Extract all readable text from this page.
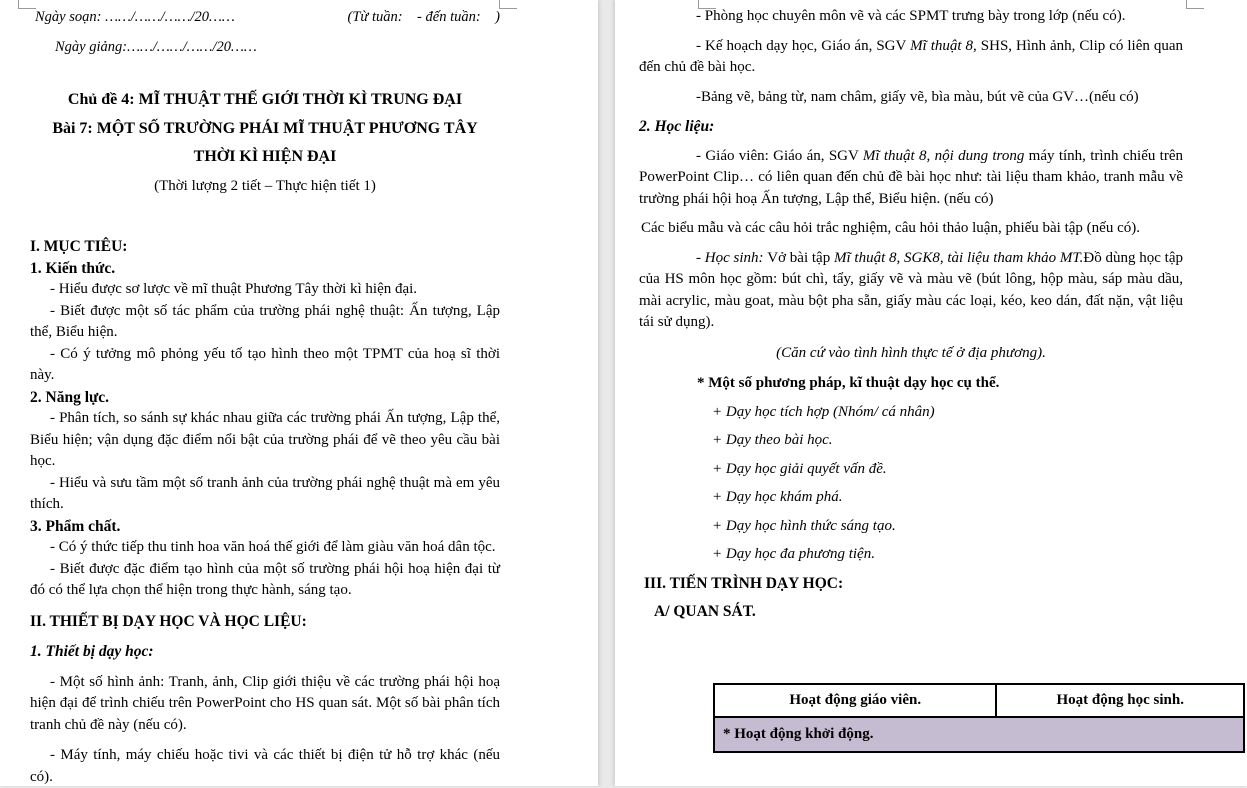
Ngày soạn: ……/……/……/20……	(Từ tuần:    - đến tuần:    )
Ngày giảng:……/……/……/20……
Chủ đề 4: MĨ THUẬT THẾ GIỚI THỜI KÌ TRUNG ĐẠI
Bài 7: MỘT SỐ TRƯỜNG PHÁI MĨ THUẬT PHƯƠNG TÂY
THỜI KÌ HIỆN ĐẠI
(Thời lượng 2 tiết – Thực hiện tiết 1)
I. MỤC TIÊU:
1. Kiến thức.
- Hiểu được sơ lược về mĩ thuật Phương Tây thời kì hiện đại.
- Biết được một số tác phẩm của trường phái nghệ thuật: Ấn tượng, Lập thể, Biểu hiện.
- Có ý tưởng mô phỏng yếu tố tạo hình theo một TPMT của hoạ sĩ thời này.
2. Năng lực.
- Phân tích, so sánh sự khác nhau giữa các trường phái Ấn tượng, Lập thể, Biểu hiện; vận dụng đặc điểm nổi bật của trường phái để vẽ theo yêu cầu bài học.
- Hiểu và sưu tầm một số tranh ảnh của trường phái nghệ thuật mà em yêu thích.
3. Phẩm chất.
- Có ý thức tiếp thu tinh hoa văn hoá thế giới để làm giàu văn hoá dân tộc.
- Biết được đặc điểm tạo hình của một số trường phái hội hoạ hiện đại từ đó có thể lựa chọn thể hiện trong thực hành, sáng tạo.
II. THIẾT BỊ DẠY HỌC VÀ HỌC LIỆU:
1. Thiết bị dạy học:
- Một số hình ảnh: Tranh, ảnh, Clip giới thiệu về các trường phái hội hoạ hiện đại để trình chiếu trên PowerPoint cho HS quan sát. Một số bài phân tích tranh chủ đề này (nếu có).
- Máy tính, máy chiếu hoặc tivi và các thiết bị điện tử hỗ trợ khác (nếu có).
- Phòng học chuyên môn vẽ và các SPMT trưng bày trong lớp (nếu có).
- Kế hoạch dạy học, Giáo án, SGV Mĩ thuật 8, SHS, Hình ảnh, Clip có liên quan đến chủ đề bài học.
-Bảng vẽ, bảng từ, nam châm, giấy vẽ, bìa màu, bút vẽ của GV…(nếu có)
2. Học liệu:
- Giáo viên: Giáo án, SGV Mĩ thuật 8, nội dung trong máy tính, trình chiếu trên PowerPoint Clip… có liên quan đến chủ đề bài học như: tài liệu tham khảo, tranh mẫu về trường phái hội hoạ Ấn tượng, Lập thể, Biểu hiện. (nếu có)
Các biểu mẫu và các câu hỏi trắc nghiệm, câu hỏi thảo luận, phiếu bài tập (nếu có).
- Học sinh: Vở bài tập Mĩ thuật 8, SGK8, tài liệu tham khảo MT.Đồ dùng học tập của HS môn học gồm: bút chì, tẩy, giấy vẽ và màu vẽ (bút lông, hộp màu, sáp màu dầu, mài acrylic, màu goat, màu bột pha sẵn, giấy màu các loại, kéo, keo dán, đất nặn, vật liệu tái sử dụng).
(Căn cứ vào tình hình thực tế ở địa phương).
* Một số phương pháp, kĩ thuật dạy học cụ thể.
+ Dạy học tích hợp (Nhóm/ cá nhân)
+ Dạy theo bài học.
+ Dạy học giải quyết vấn đề.
+ Dạy học khám phá.
+ Dạy học hình thức sáng tạo.
+ Dạy học đa phương tiện.
III. TIẾN TRÌNH DẠY HỌC:
A/ QUAN SÁT.
Hoạt động giáo viên.	Hoạt động học sinh.
* Hoạt động khởi động.
